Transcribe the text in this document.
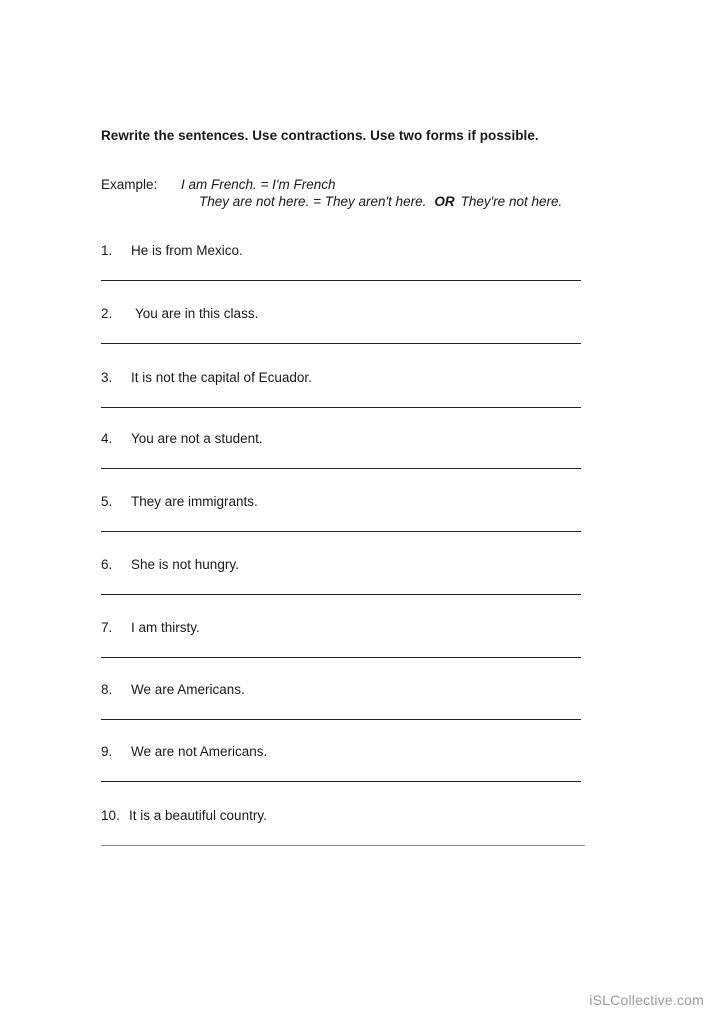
Rewrite the sentences. Use contractions. Use two forms if possible.
Example: I am French. = I'm French
They are not here. = They aren't here. OR They're not here.
1. He is from Mexico.
2. You are in this class.
3. It is not the capital of Ecuador.
4. You are not a student.
5. They are immigrants.
6. She is not hungry.
7. I am thirsty.
8. We are Americans.
9. We are not Americans.
10. It is a beautiful country.
iSLCollective.com
